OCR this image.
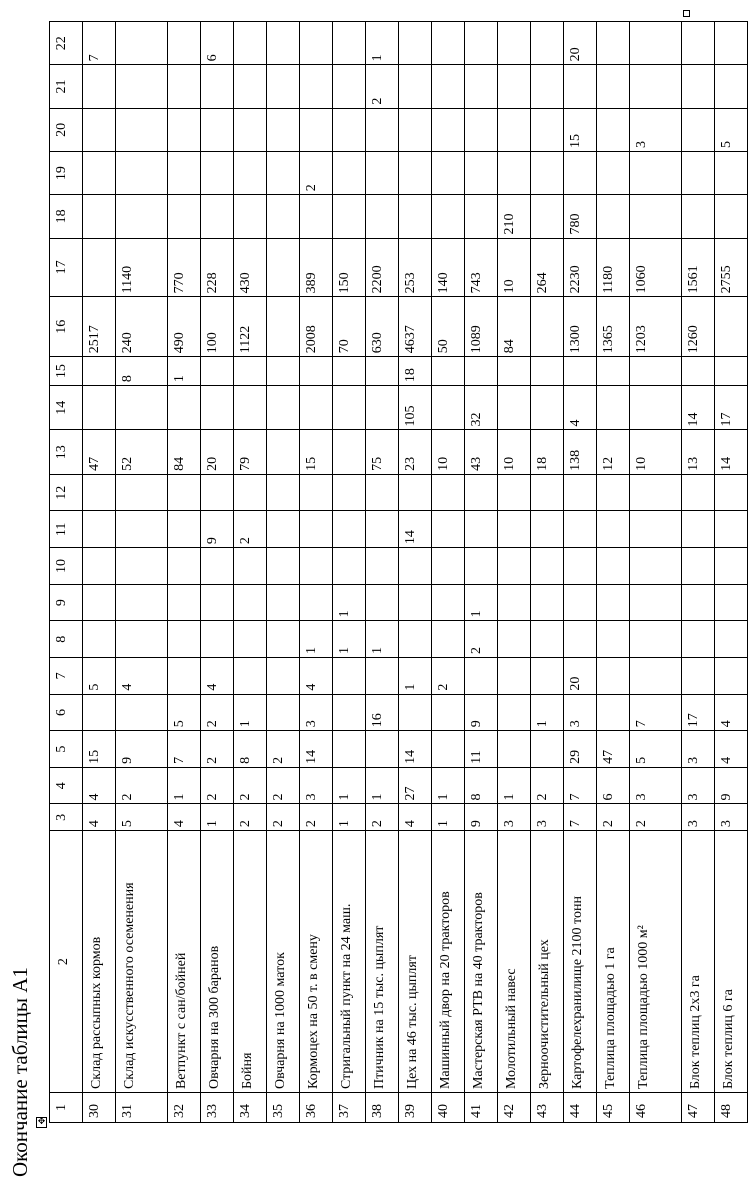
Окончание таблицы А1 ✥
1	2	3	4	5	6	7	8	9	10	11	12	13	14	15	16	17	18	19	20	21	22
30	Склад рассыпных кормов	4	4	15		5						47			2517						7
31	Склад искусственного осеменения	5	2	9		4						52		8	240	1140					
32	Ветпункт с сан/бойней	4	1	7	5							84		1	490	770					
33	Овчарня на 300 баранов	1	2	2	2	4				9		20			100	228					6
34	Бойня	2	2	8	1					2		79			1122	430					
35	Овчарня на 1000 маток	2	2	2																	
36	Кормоцех на 50 т. в смену	2	3	14	3	4	1					15			2008	389		2			
37	Стригальный пункт на 24 маш.	1	1				1	1							70	150					
38	Птичник на 15 тыс. цыплят	2	1		16		1					75			630	2200				2	1
39	Цех на 46 тыс. цыплят	4	27	14		1				14		23	105	18	4637	253					
40	Машинный двор на 20 тракторов	1	1			2						10			50	140					
41	Мастерская РТВ на 40 тракторов	9	8	11	9		2	1				43	32		1089	743					
42	Молотильный навес	3	1									10			84	10	210				
43	Зерноочистительный цех	3	2		1							18				264					
44	Картофелехранилище 2100 тонн	7	7	29	3	20						138	4		1300	2230	780		15		20
45	Теплица площадью 1 га	2	6	47								12			1365	1180					
46	Теплица площадью 1000 м²	2	3	5	7							10			1203	1060			3		
47	Блок теплиц 2х3 га	3	3	3	17							13	14		1260	1561					
48	Блок теплиц 6 га	3	9	4	4							14	17			2755			5		
